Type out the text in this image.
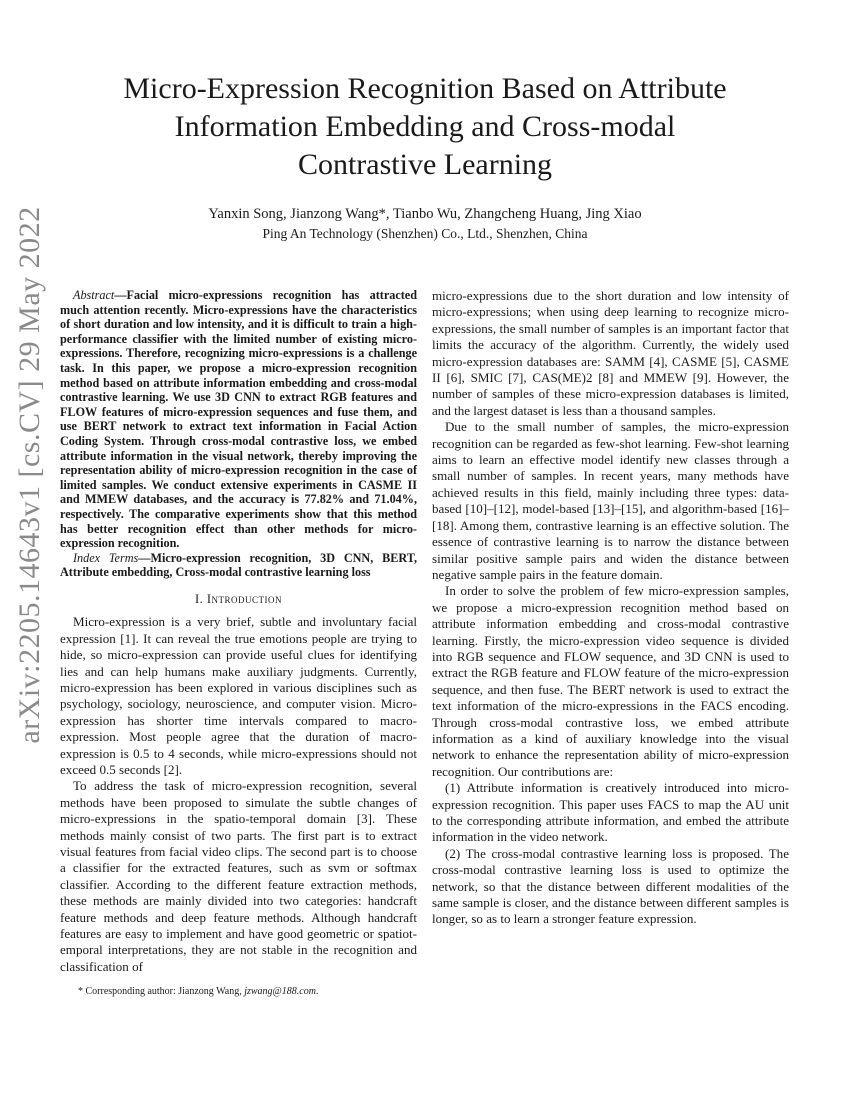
arXiv:2205.14643v1 [cs.CV] 29 May 2022
Micro-Expression Recognition Based on Attribute
Information Embedding and Cross-modal
Contrastive Learning
Yanxin Song, Jianzong Wang*, Tianbo Wu, Zhangcheng Huang, Jing Xiao
Ping An Technology (Shenzhen) Co., Ltd., Shenzhen, China

Abstract—Facial micro-expressions recognition has attracted much attention recently. Micro-expressions have the characteristics of short duration and low intensity, and it is difficult to train a high-performance classifier with the limited number of existing micro-expressions. Therefore, recognizing micro-expressions is a challenge task. In this paper, we propose a micro-expression recognition method based on attribute information embedding and cross-modal contrastive learning. We use 3D CNN to extract RGB features and FLOW features of micro-expression sequences and fuse them, and use BERT network to extract text information in Facial Action Coding System. Through cross-modal contrastive loss, we embed attribute information in the visual network, thereby improving the representation ability of micro-expression recognition in the case of limited samples. We conduct extensive experiments in CASME II and MMEW databases, and the accuracy is 77.82% and 71.04%, respectively. The comparative experiments show that this method has better recognition effect than other methods for micro-expression recognition.

Index Terms—Micro-expression recognition, 3D CNN, BERT, Attribute embedding, Cross-modal contrastive learning loss

I. Introduction

Micro-expression is a very brief, subtle and involuntary facial expression [1]. It can reveal the true emotions people are trying to hide, so micro-expression can provide useful clues for identifying lies and can help humans make auxiliary judgments. Currently, micro-expression has been explored in various disciplines such as psychology, sociology, neuroscience, and computer vision. Micro-expression has shorter time intervals compared to macro-expression. Most people agree that the duration of macro-expression is 0.5 to 4 seconds, while micro-expressions should not exceed 0.5 seconds [2].

To address the task of micro-expression recognition, several methods have been proposed to simulate the subtle changes of micro-expressions in the spatio-temporal domain [3]. These methods mainly consist of two parts. The first part is to extract visual features from facial video clips. The second part is to choose a classifier for the extracted features, such as svm or softmax classifier. According to the different feature extraction methods, these methods are mainly divided into two categories: handcraft feature methods and deep feature methods. Although handcraft features are easy to implement and have good geometric or spatiot-emporal interpretations, they are not stable in the recognition and classification of

micro-expressions due to the short duration and low intensity of micro-expressions; when using deep learning to recognize micro-expressions, the small number of samples is an important factor that limits the accuracy of the algorithm. Currently, the widely used micro-expression databases are: SAMM [4], CASME [5], CASME II [6], SMIC [7], CAS(ME)2 [8] and MMEW [9]. However, the number of samples of these micro-expression databases is limited, and the largest dataset is less than a thousand samples.

Due to the small number of samples, the micro-expression recognition can be regarded as few-shot learning. Few-shot learning aims to learn an effective model identify new classes through a small number of samples. In recent years, many methods have achieved results in this field, mainly including three types: data-based [10]–[12], model-based [13]–[15], and algorithm-based [16]–[18]. Among them, contrastive learning is an effective solution. The essence of contrastive learning is to narrow the distance between similar positive sample pairs and widen the distance between negative sample pairs in the feature domain.

In order to solve the problem of few micro-expression samples, we propose a micro-expression recognition method based on attribute information embedding and cross-modal contrastive learning. Firstly, the micro-expression video sequence is divided into RGB sequence and FLOW sequence, and 3D CNN is used to extract the RGB feature and FLOW feature of the micro-expression sequence, and then fuse. The BERT network is used to extract the text information of the micro-expressions in the FACS encoding. Through cross-modal contrastive loss, we embed attribute information as a kind of auxiliary knowledge into the visual network to enhance the representation ability of micro-expression recognition. Our contributions are:

(1) Attribute information is creatively introduced into micro-expression recognition. This paper uses FACS to map the AU unit to the corresponding attribute information, and embed the attribute information in the video network.

(2) The cross-modal contrastive learning loss is proposed. The cross-modal contrastive learning loss is used to optimize the network, so that the distance between different modalities of the same sample is closer, and the distance between different samples is longer, so as to learn a stronger feature expression.

* Corresponding author: Jianzong Wang, jzwang@188.com.
